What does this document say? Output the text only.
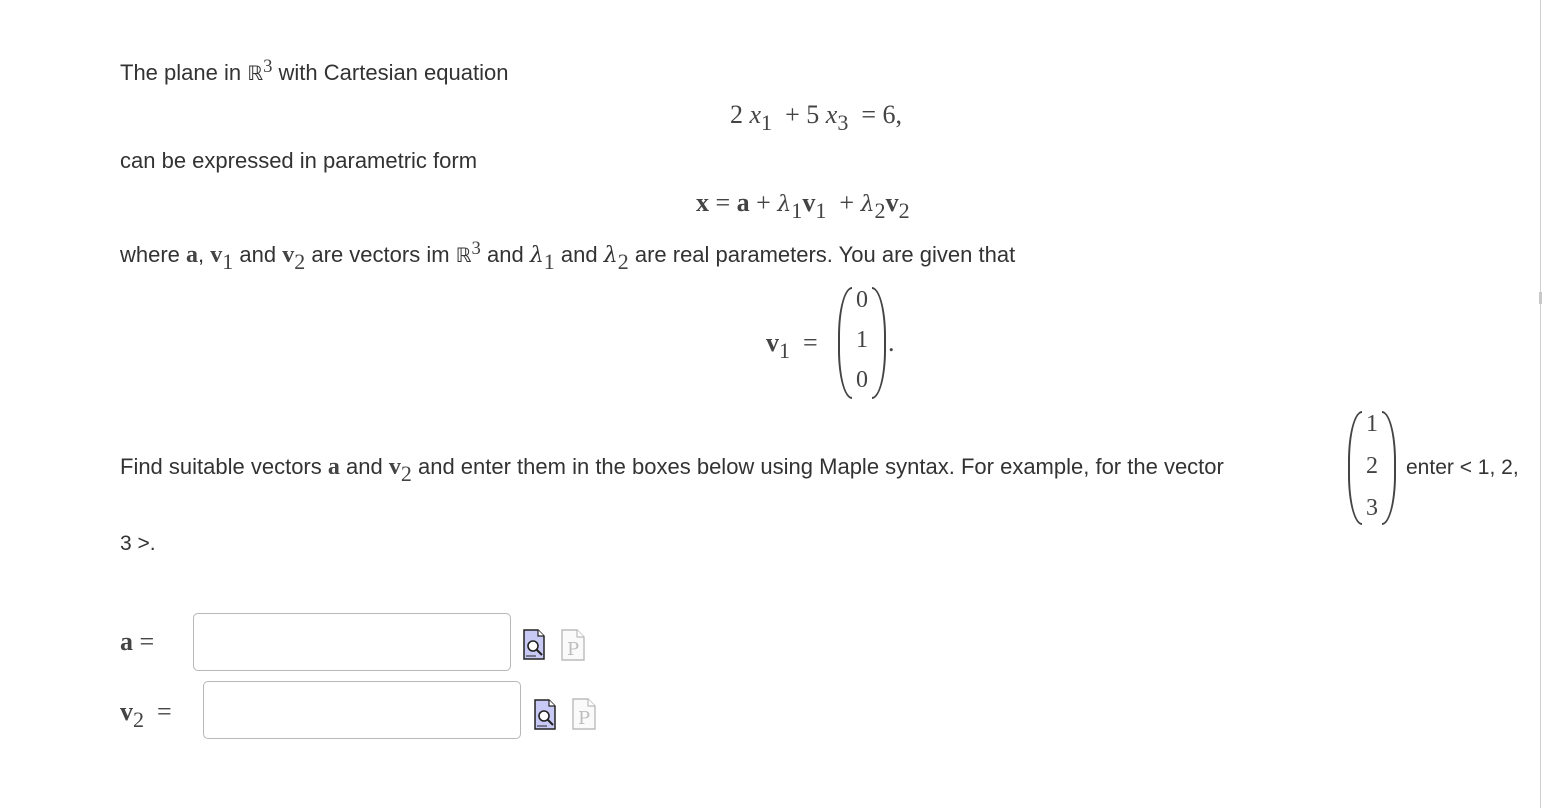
The plane in ℝ$^3$ with Cartesian equation
2 x1 + 5 x3 = 6,
can be expressed in parametric form
x = a + λ1v1 + λ2v2
where a, v1 and v2 are vectors im ℝ$^3$ and λ1 and λ2 are real parameters. You are given that
v1 =
0
1
0
.
Find suitable vectors a and v2 and enter them in the boxes below using Maple syntax. For example, for the vector
1
2
3
enter < 1, 2,
3 >.
a =	P
v2 =	P
